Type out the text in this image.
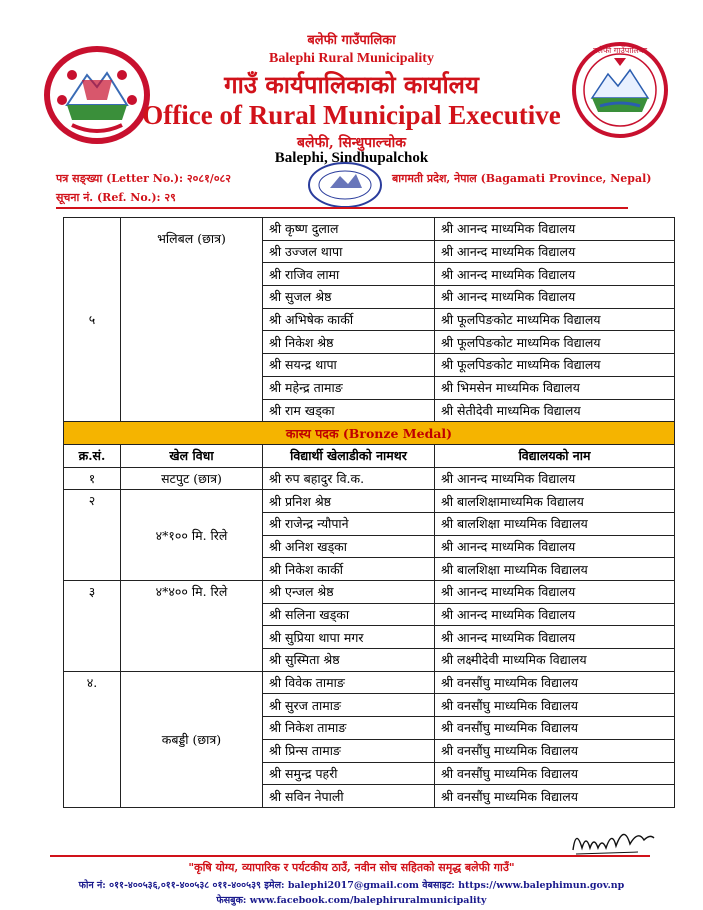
बलेफी गाउँपालिका
Balephi Rural Municipality
गाउँ कार्यपालिकाको कार्यालय
Office of Rural Municipal Executive
बलेफी, सिन्धुपाल्चोक
Balephi, Sindhupalchok
बलेफी गाउँपालिका
पत्र सङ्ख्या (Letter No.): २०८१/०८२
सूचना नं. (Ref. No.): २९
बागमती प्रदेश, नेपाल (Bagamati Province, Nepal)
५	भलिबल (छात्र)	श्री कृष्ण दुलाल	श्री आनन्द माध्यमिक विद्यालय
		श्री उज्जल थापा	श्री आनन्द माध्यमिक विद्यालय
		श्री राजिव लामा	श्री आनन्द माध्यमिक विद्यालय
		श्री सुजल श्रेष्ठ	श्री आनन्द माध्यमिक विद्यालय
		श्री अभिषेक कार्की	श्री फूलपिङकोट माध्यमिक विद्यालय
		श्री निकेश श्रेष्ठ	श्री फूलपिङकोट माध्यमिक विद्यालय
		श्री सयन्द्र थापा	श्री फूलपिङकोट माध्यमिक विद्यालय
		श्री महेन्द्र तामाङ	श्री भिमसेन माध्यमिक विद्यालय
		श्री राम खड्का	श्री सेतीदेवी माध्यमिक विद्यालय
कास्य पदक (Bronze Medal)			
क्र.सं.	खेल विधा	विद्यार्थी खेलाडीको नामथर	विद्यालयको नाम
१	सटपुट (छात्र)	श्री रुप बहादुर वि.क.	श्री आनन्द माध्यमिक विद्यालय
२	४*१०० मि. रिले	श्री प्रनिश श्रेष्ठ	श्री बालशिक्षामाध्यमिक विद्यालय
		श्री राजेन्द्र न्यौपाने	श्री बालशिक्षा माध्यमिक विद्यालय
		श्री अनिश खड्का	श्री आनन्द माध्यमिक विद्यालय
		श्री निकेश कार्की	श्री बालशिक्षा माध्यमिक विद्यालय
३	४*४०० मि. रिले	श्री एन्जल श्रेष्ठ	श्री आनन्द माध्यमिक विद्यालय
		श्री सलिना खड्का	श्री आनन्द माध्यमिक विद्यालय
		श्री सुप्रिया थापा मगर	श्री आनन्द माध्यमिक विद्यालय
		श्री सुस्मिता श्रेष्ठ	श्री लक्ष्मीदेवी माध्यमिक विद्यालय
४.	कबड्डी (छात्र)	श्री विवेक तामाङ	श्री वनसौंघु माध्यमिक विद्यालय
		श्री सुरज तामाङ	श्री वनसौंघु माध्यमिक विद्यालय
		श्री निकेश तामाङ	श्री वनसौंघु माध्यमिक विद्यालय
		श्री प्रिन्स तामाङ	श्री वनसौंघु माध्यमिक विद्यालय
		श्री समुन्द्र पहरी	श्री वनसौंघु माध्यमिक विद्यालय
		श्री सविन नेपाली	श्री वनसौंघु माध्यमिक विद्यालय
"कृषि योग्य, व्यापारिक र पर्यटकीय ठाउँ, नवीन सोच सहितको समृद्ध बलेफी गाउँ"
फोन नं: ०११-४००५३६,०११-४००५३८ ०११-४००५३९ इमेल: balephi2017@gmail.com वेबसाइट: https://www.balephimun.gov.np
फेसबुक: www.facebook.com/balephiruralmunicipality
